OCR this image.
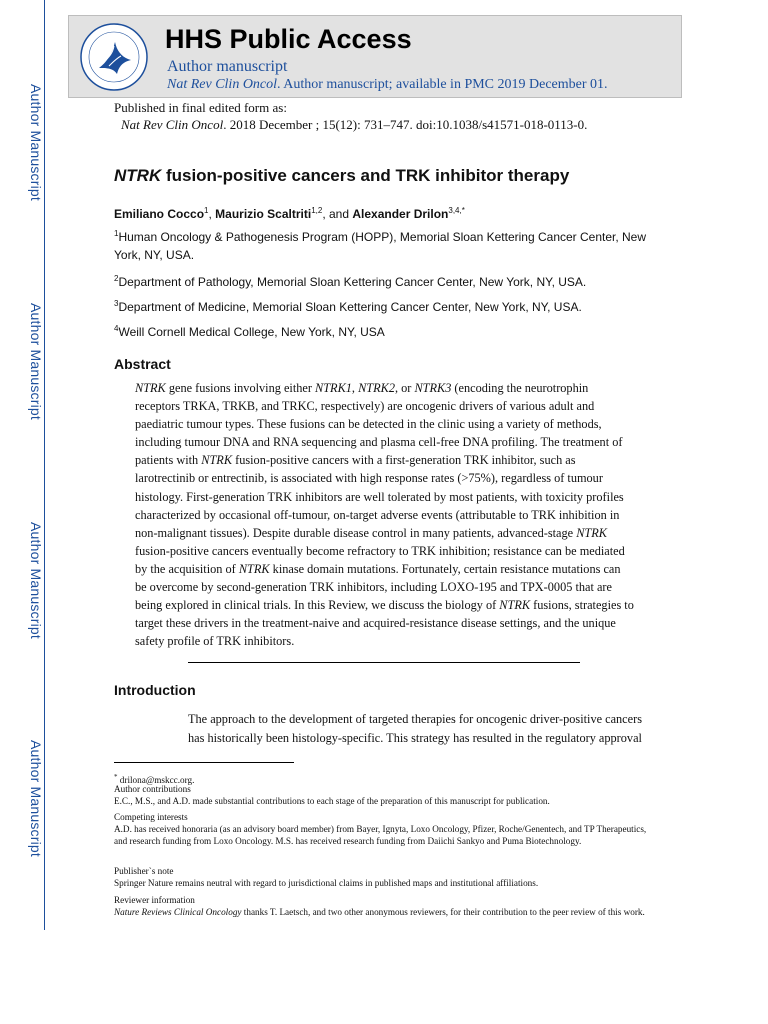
Author Manuscript
Author Manuscript
Author Manuscript
Author Manuscript
HHS Public Access
Author manuscript
Nat Rev Clin Oncol. Author manuscript; available in PMC 2019 December 01.
Published in final edited form as:
Nat Rev Clin Oncol. 2018 December ; 15(12): 731–747. doi:10.1038/s41571-018-0113-0.
NTRK fusion-positive cancers and TRK inhibitor therapy
Emiliano Cocco$^1$, Maurizio Scaltriti$^{1,2}$, and Alexander Drilon$^{3,4,*}$
$^1$Human Oncology & Pathogenesis Program (HOPP), Memorial Sloan Kettering Cancer Center, New York, NY, USA.
$^2$Department of Pathology, Memorial Sloan Kettering Cancer Center, New York, NY, USA.
$^3$Department of Medicine, Memorial Sloan Kettering Cancer Center, New York, NY, USA.
$^4$Weill Cornell Medical College, New York, NY, USA
Abstract

NTRK gene fusions involving either NTRK1, NTRK2, or NTRK3 (encoding the neurotrophin receptors TRKA, TRKB, and TRKC, respectively) are oncogenic drivers of various adult and paediatric tumour types. These fusions can be detected in the clinic using a variety of methods, including tumour DNA and RNA sequencing and plasma cell-free DNA profiling. The treatment of patients with NTRK fusion-positive cancers with a first-generation TRK inhibitor, such as larotrectinib or entrectinib, is associated with high response rates (>75%), regardless of tumour histology. First-generation TRK inhibitors are well tolerated by most patients, with toxicity profiles characterized by occasional off-tumour, on-target adverse events (attributable to TRK inhibition in non-malignant tissues). Despite durable disease control in many patients, advanced-stage NTRK fusion-positive cancers eventually become refractory to TRK inhibition; resistance can be mediated by the acquisition of NTRK kinase domain mutations. Fortunately, certain resistance mutations can be overcome by second-generation TRK inhibitors, including LOXO-195 and TPX-0005 that are being explored in clinical trials. In this Review, we discuss the biology of NTRK fusions, strategies to target these drivers in the treatment-naive and acquired-resistance disease settings, and the unique safety profile of TRK inhibitors.

Introduction

The approach to the development of targeted therapies for oncogenic driver-positive cancers has historically been histology-specific. This strategy has resulted in the regulatory approval

* drilona@mskcc.org.

Author contributions

E.C., M.S., and A.D. made substantial contributions to each stage of the preparation of this manuscript for publication.

Competing interests

A.D. has received honoraria (as an advisory board member) from Bayer, Ignyta, Loxo Oncology, Pfizer, Roche/Genentech, and TP Therapeutics, and research funding from Loxo Oncology. M.S. has received research funding from Daiichi Sankyo and Puma Biotechnology.

Publisher`s note

Springer Nature remains neutral with regard to jurisdictional claims in published maps and institutional affiliations.

Reviewer information

Nature Reviews Clinical Oncology thanks T. Laetsch, and two other anonymous reviewers, for their contribution to the peer review of this work.
